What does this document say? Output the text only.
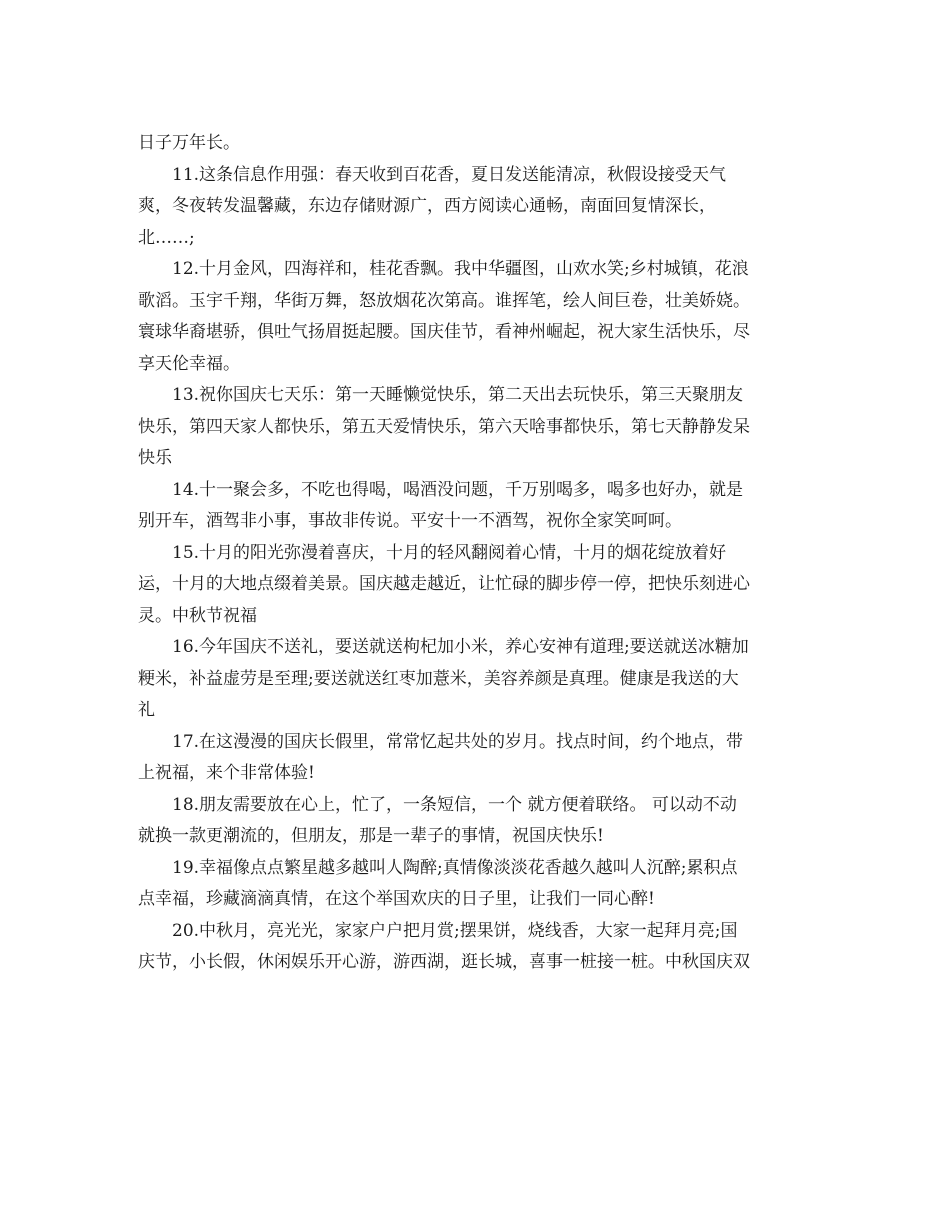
日子万年长。
11.这条信息作用强：春天收到百花香，夏日发送能清凉，秋假设接受天气
爽，冬夜转发温馨藏，东边存储财源广，西方阅读心通畅，南面回复情深长，
北……;
12.十月金风，四海祥和，桂花香飘。我中华疆图，山欢水笑;乡村城镇，花浪
歌滔。玉宇千翔，华街万舞，怒放烟花次第高。谁挥笔，绘人间巨卷，壮美娇娆。
寰球华裔堪骄，俱吐气扬眉挺起腰。国庆佳节，看神州崛起，祝大家生活快乐，尽
享天伦幸福。
13.祝你国庆七天乐：第一天睡懒觉快乐，第二天出去玩快乐，第三天聚朋友
快乐，第四天家人都快乐，第五天爱情快乐，第六天啥事都快乐，第七天静静发呆
快乐
14.十一聚会多，不吃也得喝，喝酒没问题，千万别喝多，喝多也好办，就是
别开车，酒驾非小事，事故非传说。平安十一不酒驾，祝你全家笑呵呵。
15.十月的阳光弥漫着喜庆，十月的轻风翻阅着心情，十月的烟花绽放着好
运，十月的大地点缀着美景。国庆越走越近，让忙碌的脚步停一停，把快乐刻进心
灵。中秋节祝福
16.今年国庆不送礼，要送就送枸杞加小米，养心安神有道理;要送就送冰糖加
粳米，补益虚劳是至理;要送就送红枣加薏米，美容养颜是真理。健康是我送的大
礼
17.在这漫漫的国庆长假里，常常忆起共处的岁月。找点时间，约个地点，带
上祝福，来个非常体验!
18.朋友需要放在心上，忙了，一条短信，一个 就方便着联络。 可以动不动
就换一款更潮流的，但朋友，那是一辈子的事情，祝国庆快乐!
19.幸福像点点繁星越多越叫人陶醉;真情像淡淡花香越久越叫人沉醉;累积点
点幸福，珍藏滴滴真情，在这个举国欢庆的日子里，让我们一同心醉!
20.中秋月，亮光光，家家户户把月赏;摆果饼，烧线香，大家一起拜月亮;国
庆节，小长假，休闲娱乐开心游，游西湖，逛长城，喜事一桩接一桩。中秋国庆双
